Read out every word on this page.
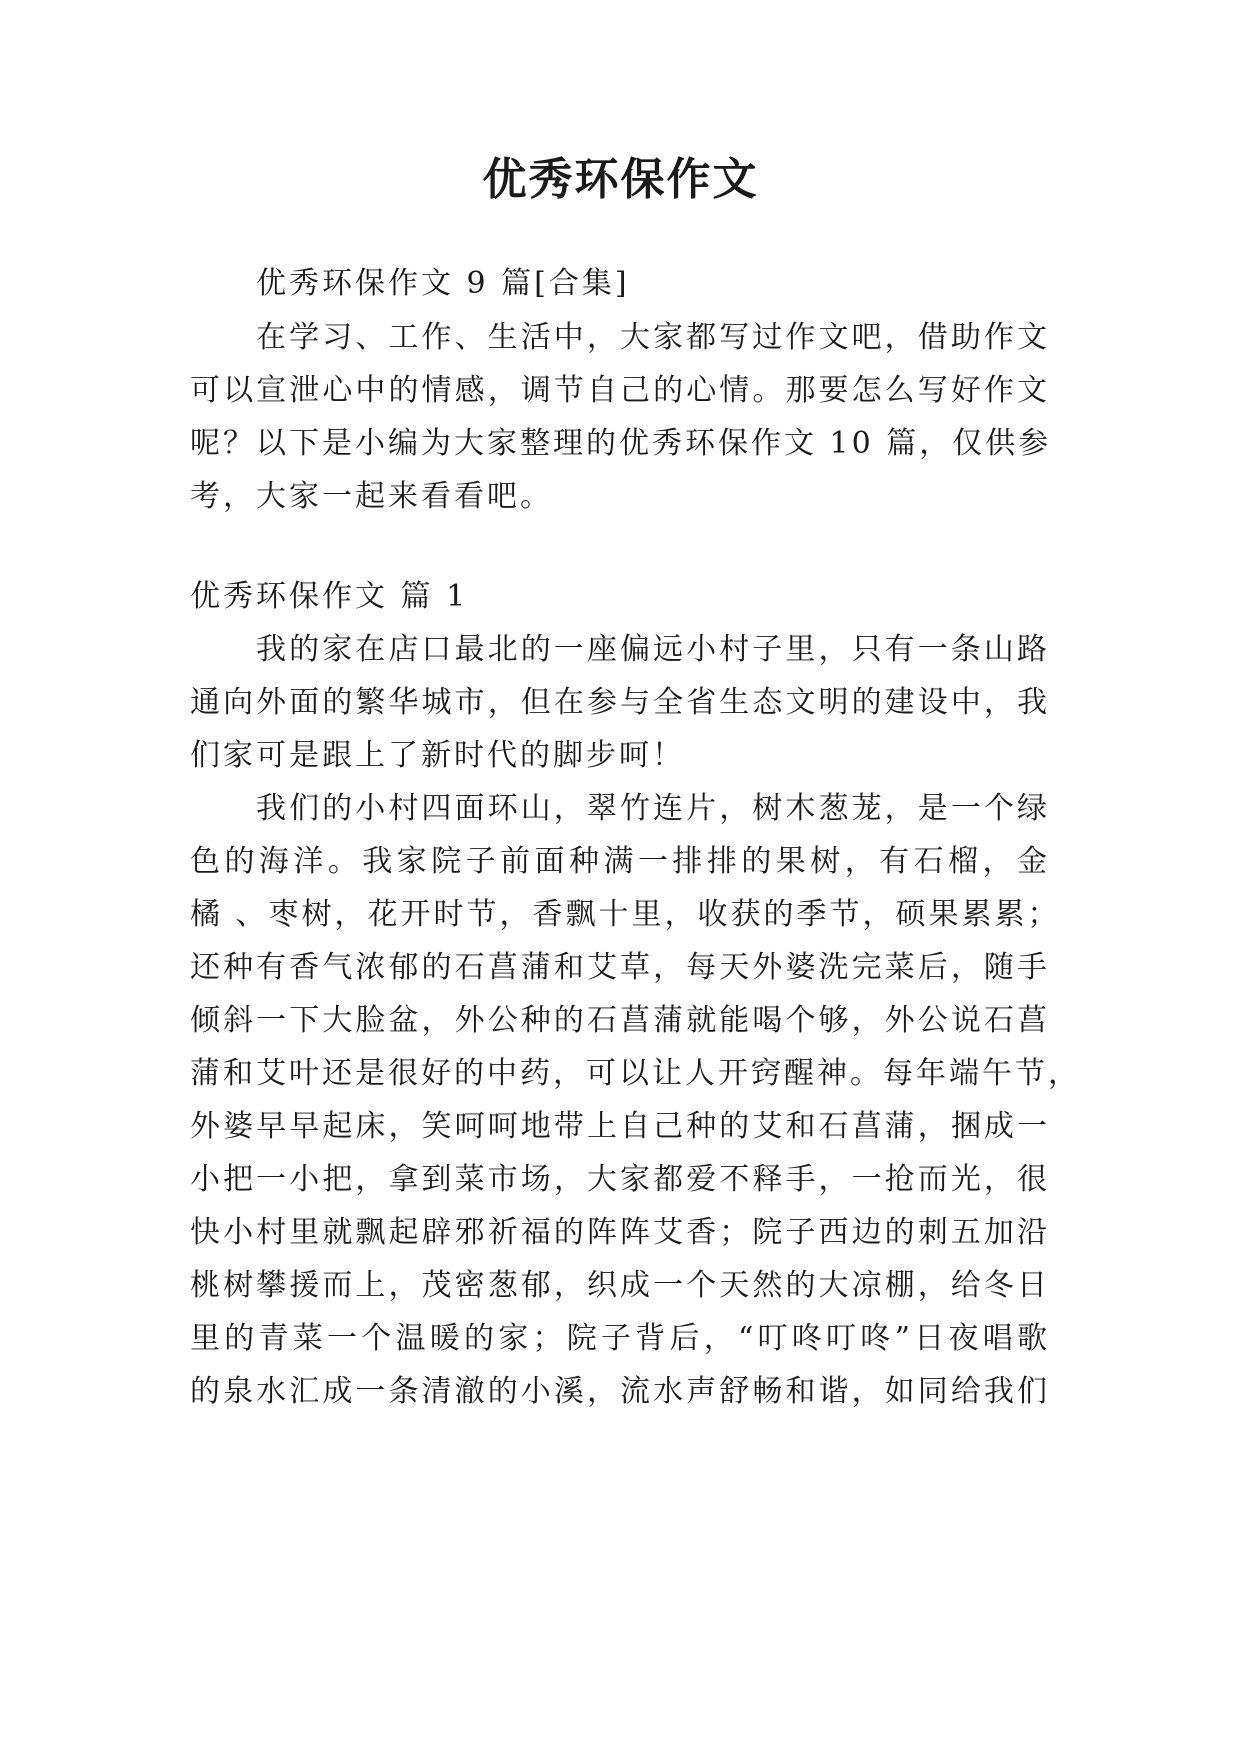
优秀环保作文
优秀环保作文 9 篇[合集]
在学习、工作、生活中，大家都写过作文吧，借助作文
可以宣泄心中的情感，调节自己的心情。那要怎么写好作文
呢？以下是小编为大家整理的优秀环保作文 10 篇，仅供参
考，大家一起来看看吧。
优秀环保作文 篇 1
我的家在店口最北的一座偏远小村子里，只有一条山路
通向外面的繁华城市，但在参与全省生态文明的建设中，我
们家可是跟上了新时代的脚步呵！
我们的小村四面环山，翠竹连片，树木葱茏，是一个绿
色的海洋。我家院子前面种满一排排的果树，有石榴，金
橘 、枣树，花开时节，香飘十里，收获的季节，硕果累累；
还种有香气浓郁的石菖蒲和艾草，每天外婆洗完菜后，随手
倾斜一下大脸盆，外公种的石菖蒲就能喝个够，外公说石菖
蒲和艾叶还是很好的中药，可以让人开窍醒神。每年端午节，
外婆早早起床，笑呵呵地带上自己种的艾和石菖蒲，捆成一
小把一小把，拿到菜市场，大家都爱不释手，一抢而光，很
快小村里就飘起辟邪祈福的阵阵艾香；院子西边的刺五加沿
桃树攀援而上，茂密葱郁，织成一个天然的大凉棚，给冬日
里的青菜一个温暖的家；院子背后，“叮咚叮咚”日夜唱歌
的泉水汇成一条清澈的小溪，流水声舒畅和谐，如同给我们
